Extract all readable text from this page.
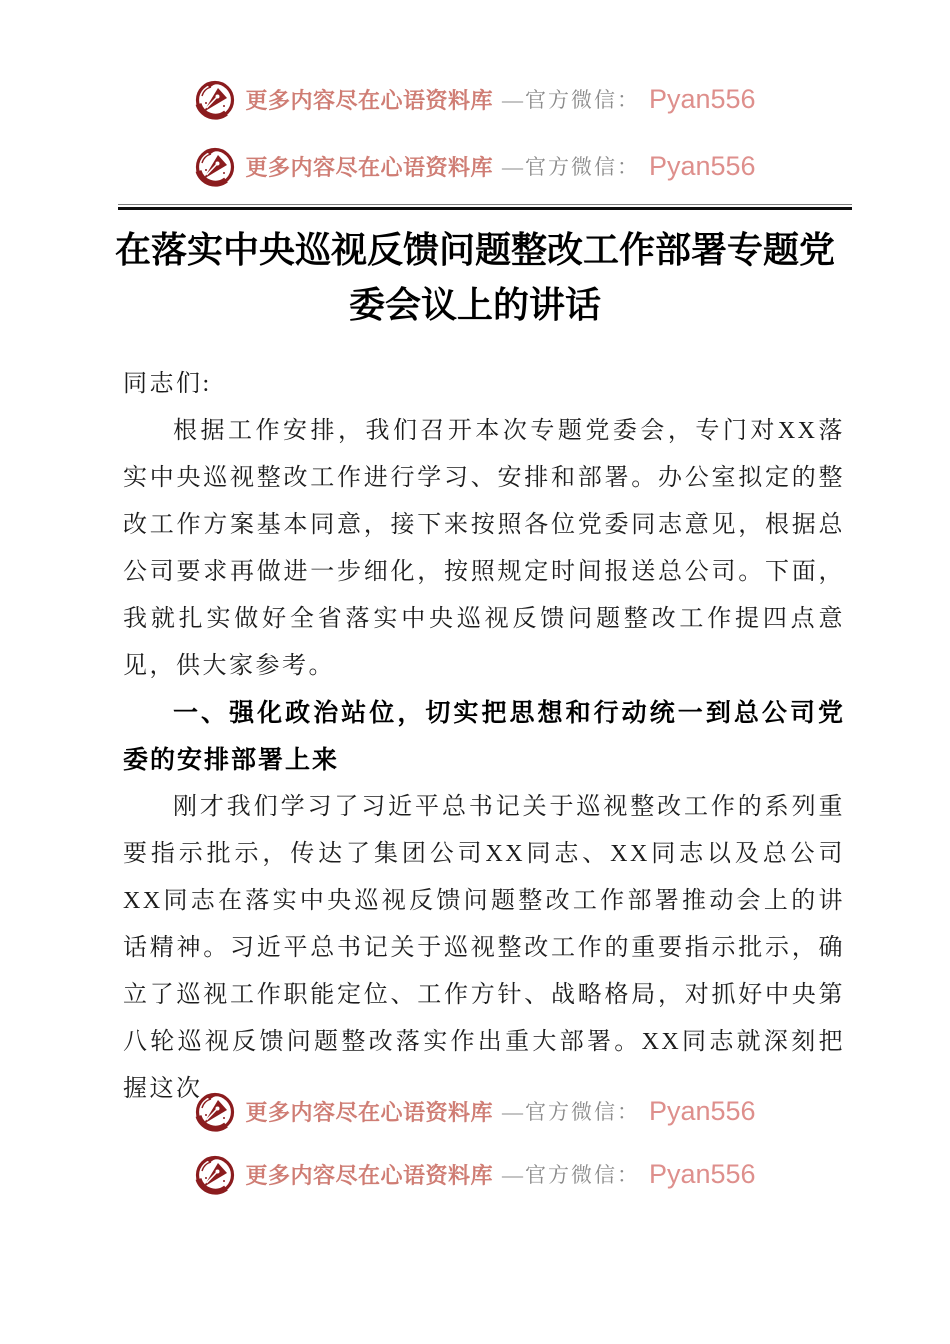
更多内容尽在心语资料库 —官方微信： Pyan556
更多内容尽在心语资料库 —官方微信： Pyan556
在落实中央巡视反馈问题整改工作部署专题党
委会议上的讲话

同志们:

根据工作安排，我们召开本次专题党委会，专门对XX落实中央巡视整改工作进行学习、安排和部署。办公室拟定的整改工作方案基本同意，接下来按照各位党委同志意见，根据总公司要求再做进一步细化，按照规定时间报送总公司。下面，我就扎实做好全省落实中央巡视反馈问题整改工作提四点意见，供大家参考。

一、强化政治站位，切实把思想和行动统一到总公司党委的安排部署上来

刚才我们学习了习近平总书记关于巡视整改工作的系列重要指示批示，传达了集团公司XX同志、XX同志以及总公司XX同志在落实中央巡视反馈问题整改工作部署推动会上的讲话精神。习近平总书记关于巡视整改工作的重要指示批示，确立了巡视工作职能定位、工作方针、战略格局，对抓好中央第八轮巡视反馈问题整改落实作出重大部署。XX同志就深刻把握这次

更多内容尽在心语资料库 —官方微信： Pyan556
更多内容尽在心语资料库 —官方微信： Pyan556
